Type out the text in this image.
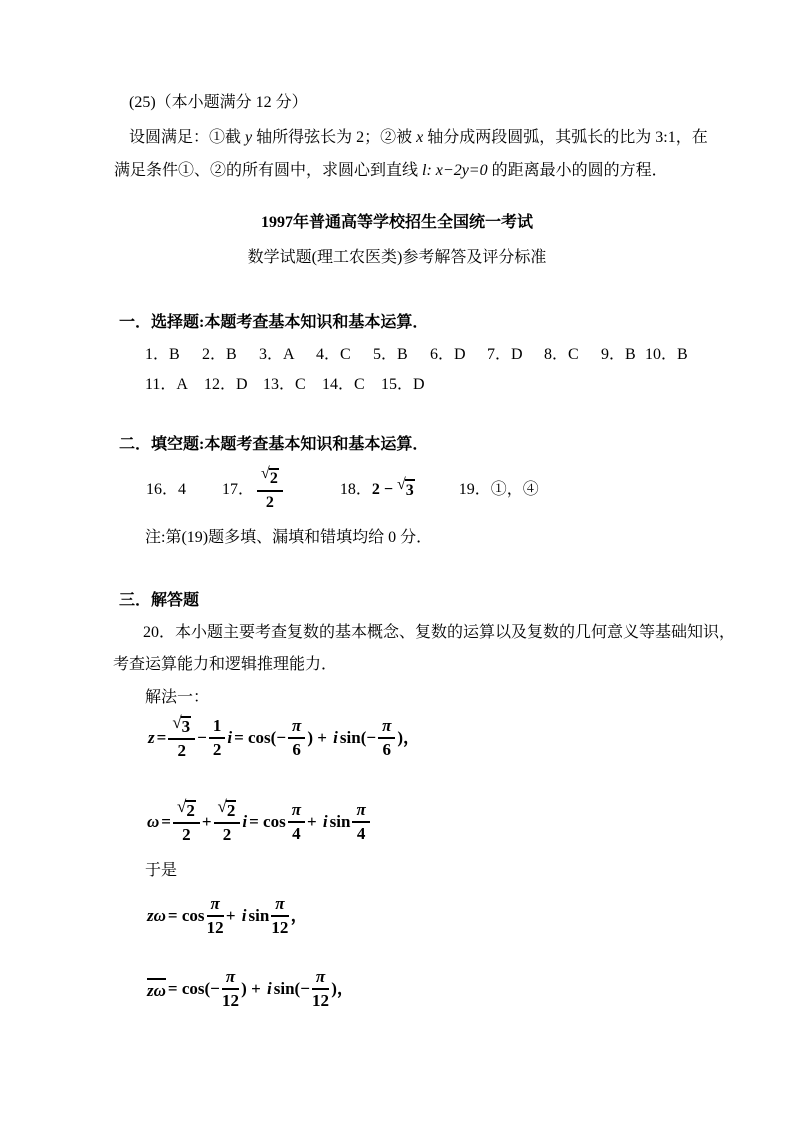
(25)（本小题满分 12 分）
设圆满足：①截 y 轴所得弦长为 2；②被 x 轴分成两段圆弧，其弧长的比为 3:1，在
满足条件①、②的所有圆中，求圆心到直线 l: x−2y=0 的距离最小的圆的方程．
1997年普通高等学校招生全国统一考试
数学试题(理工农医类)参考解答及评分标准
一．选择题:本题考查基本知识和基本运算．
1．B 2．B 3．A 4．C 5．B 6．D 7．D 8．C 9．B 10．B
11．A 12．D 13．C 14．C 15．D
二．填空题:本题考查基本知识和基本运算．
16．4 17． $\frac{√ 2}{2}$	18． 2 − √ 3	19．①，④
注:第(19)题多填、漏填和错填均给 0 分．
三．解答题
20．本小题主要考查复数的基本概念、复数的运算以及复数的几何意义等基础知识，
考查运算能力和逻辑推理能力．
解法一：
$z = \frac{√ 3}{2} - \frac{1}{2}$ $i = \cos(- \frac{\pi}{6}$ ) + i $\sin(- \frac{\pi}{6}$ )，
$\omega = \frac{√ 2}{2} + \frac{√ 2}{2}$ $i = \cos \frac{\pi}{4} + i$ $\sin \frac{\pi}{4}$
于是
$z\omega = \cos \frac{\pi}{12} + i$ $\sin \frac{\pi}{12}$ ，
$z\omega = \cos(- \frac{\pi}{12}$ ) + i $\sin(- \frac{\pi}{12}$ )，
